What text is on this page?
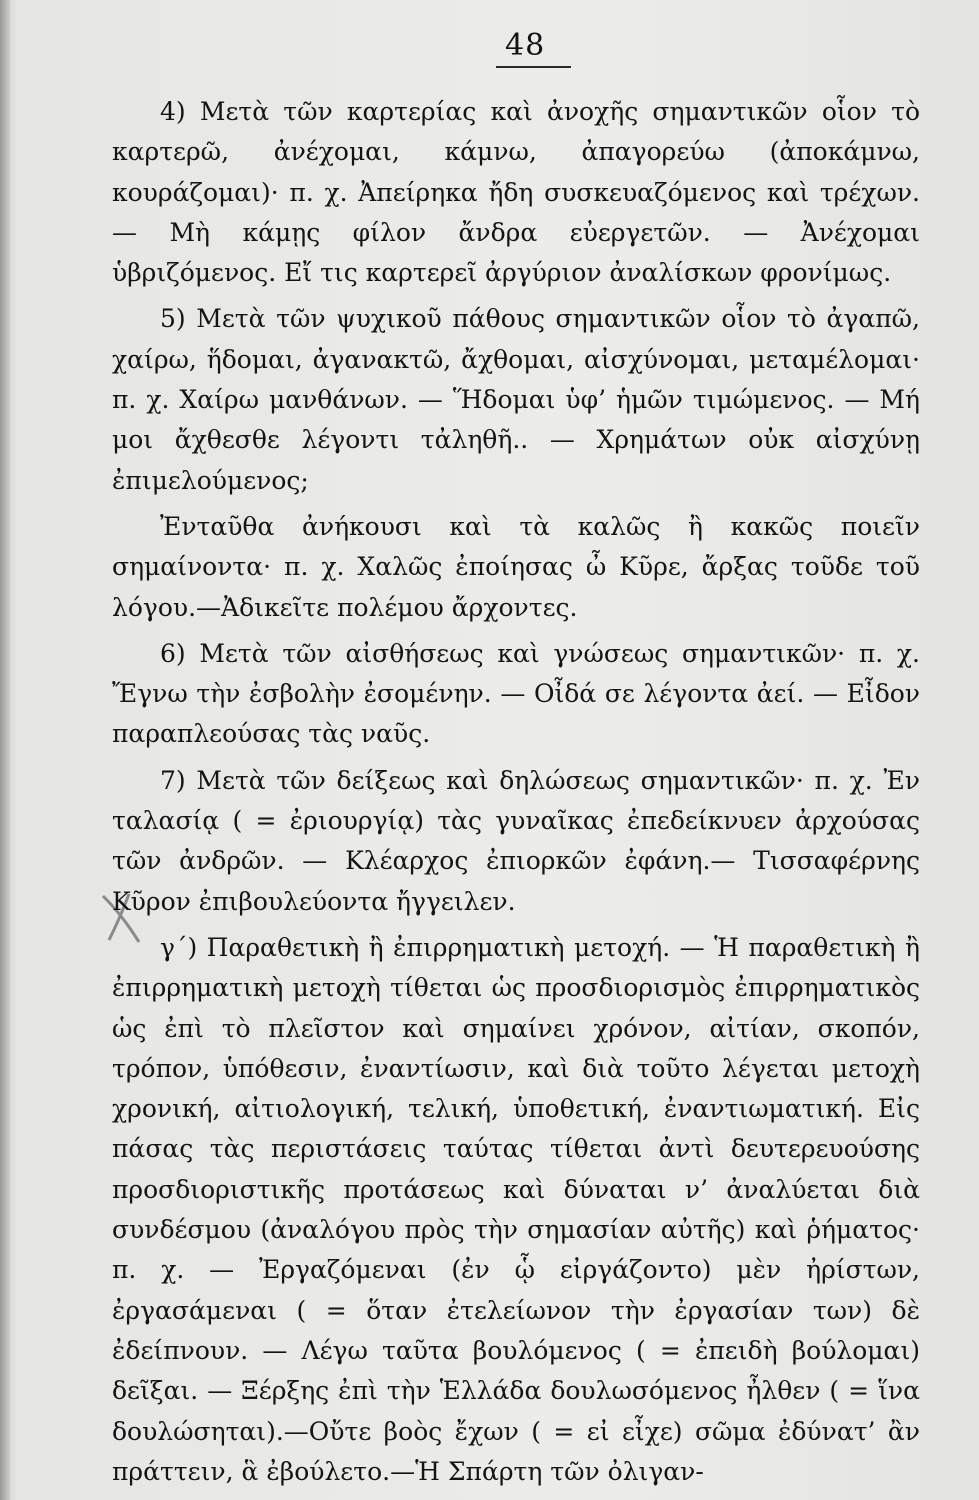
48

4) Μετὰ τῶν καρτερίας καὶ ἀνοχῆς σημαντικῶν οἷον τὸ καρτερῶ, ἀνέχομαι, κάμνω, ἀπαγορεύω (ἀποκάμνω, κουράζομαι)· π. χ. Ἀπείρηκα ἤδη συσκευαζόμενος καὶ τρέχων. — Μὴ κάμῃς φίλον ἄνδρα εὐεργετῶν. — Ἀνέχομαι ὑβριζόμενος. Εἴ τις καρτερεῖ ἀργύριον ἀναλίσκων φρονίμως.

5) Μετὰ τῶν ψυχικοῦ πάθους σημαντικῶν οἷον τὸ ἀγαπῶ, χαίρω, ἥδομαι, ἀγανακτῶ, ἄχθομαι, αἰσχύνομαι, μεταμέλομαι· π. χ. Χαίρω μανθάνων. — Ἥδομαι ὑφ’ ἡμῶν τιμώμενος. — Μή μοι ἄχθεσθε λέγοντι τἀληθῆ.. — Χρημάτων οὐκ αἰσχύνῃ ἐπιμελούμενος;

Ἐνταῦθα ἀνήκουσι καὶ τὰ καλῶς ἢ κακῶς ποιεῖν σημαίνοντα· π. χ. Χαλῶς ἐποίησας ὦ Κῦρε, ἄρξας τοῦδε τοῦ λόγου.—Ἀδικεῖτε πολέμου ἄρχοντες.

6) Μετὰ τῶν αἰσθήσεως καὶ γνώσεως σημαντικῶν· π. χ. Ἔγνω τὴν ἐσβολὴν ἐσομένην. — Οἶδά σε λέγοντα ἀεί. — Εἶδον παραπλεούσας τὰς ναῦς.

7) Μετὰ τῶν δείξεως καὶ δηλώσεως σημαντικῶν· π. χ. Ἐν ταλασίᾳ ( = ἐριουργίᾳ) τὰς γυναῖκας ἐπεδείκνυεν ἀρχούσας τῶν ἀνδρῶν. — Κλέαρχος ἐπιορκῶν ἐφάνη.— Τισσαφέρνης Κῦρον ἐπιβουλεύοντα ἤγγειλεν.

γ΄) Παραθετικὴ ἢ ἐπιρρηματικὴ μετοχή. — Ἡ παραθετικὴ ἢ ἐπιρρηματικὴ μετοχὴ τίθεται ὡς προσδιορισμὸς ἐπιρρηματικὸς ὡς ἐπὶ τὸ πλεῖστον καὶ σημαίνει χρόνον, αἰτίαν, σκοπόν, τρόπον, ὑπόθεσιν, ἐναντίωσιν, καὶ διὰ τοῦτο λέγεται μετοχὴ χρονική, αἰτιολογική, τελική, ὑποθετική, ἐναντιωματική. Εἰς πάσας τὰς περιστάσεις ταύτας τίθεται ἀντὶ δευτερευούσης προσδιοριστικῆς προτάσεως καὶ δύναται ν’ ἀναλύεται διὰ συνδέσμου (ἀναλόγου πρὸς τὴν σημασίαν αὐτῆς) καὶ ῥήματος· π. χ. — Ἐργαζόμεναι (ἐν ᾧ εἰργάζοντο) μὲν ἠρίστων, ἐργασάμεναι ( = ὅταν ἐτελείωνον τὴν ἐργασίαν των) δὲ ἐδείπνουν. — Λέγω ταῦτα βουλόμενος ( = ἐπειδὴ βούλομαι) δεῖξαι. — Ξέρξης ἐπὶ τὴν Ἑλλάδα δουλωσόμενος ἦλθεν ( = ἵνα δουλώσηται).—Οὔτε βοὸς ἔχων ( = εἰ εἶχε) σῶμα ἐδύνατ’ ἂν πράττειν, ἃ ἐβούλετο.—Ἡ Σπάρτη τῶν ὀλιγαν-
